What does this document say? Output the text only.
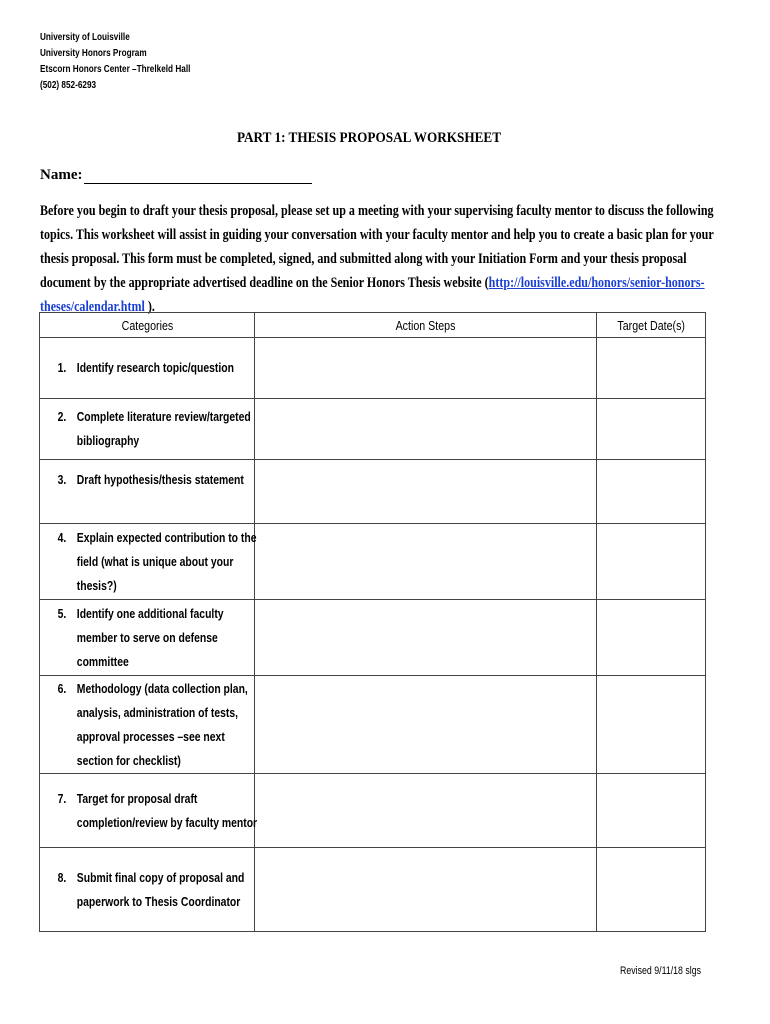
University of Louisville
University Honors Program
Etscorn Honors Center –Threlkeld Hall
(502) 852-6293
PART 1: THESIS PROPOSAL WORKSHEET
Name:
Before you begin to draft your thesis proposal, please set up a meeting with your supervising faculty mentor to discuss the following
topics. This worksheet will assist in guiding your conversation with your faculty mentor and help you to create a basic plan for your
thesis proposal. This form must be completed, signed, and submitted along with your Initiation Form and your thesis proposal
document by the appropriate advertised deadline on the Senior Honors Thesis website (http://louisville.edu/honors/senior-honors-
theses/calendar.html ).
Categories	Action Steps	Target Date(s)

1. Identify research topic/question		

2. Complete literature review/targeted bibliography		

3. Draft hypothesis/thesis statement		

4. Explain expected contribution to the field (what is unique about your thesis?)		

5. Identify one additional faculty member to serve on defense committee		

6. Methodology (data collection plan, analysis, administration of tests, approval processes –see next section for checklist)		

7. Target for proposal draft completion/review by faculty mentor		

8. Submit final copy of proposal and paperwork to Thesis Coordinator		

Revised 9/11/18 slgs
